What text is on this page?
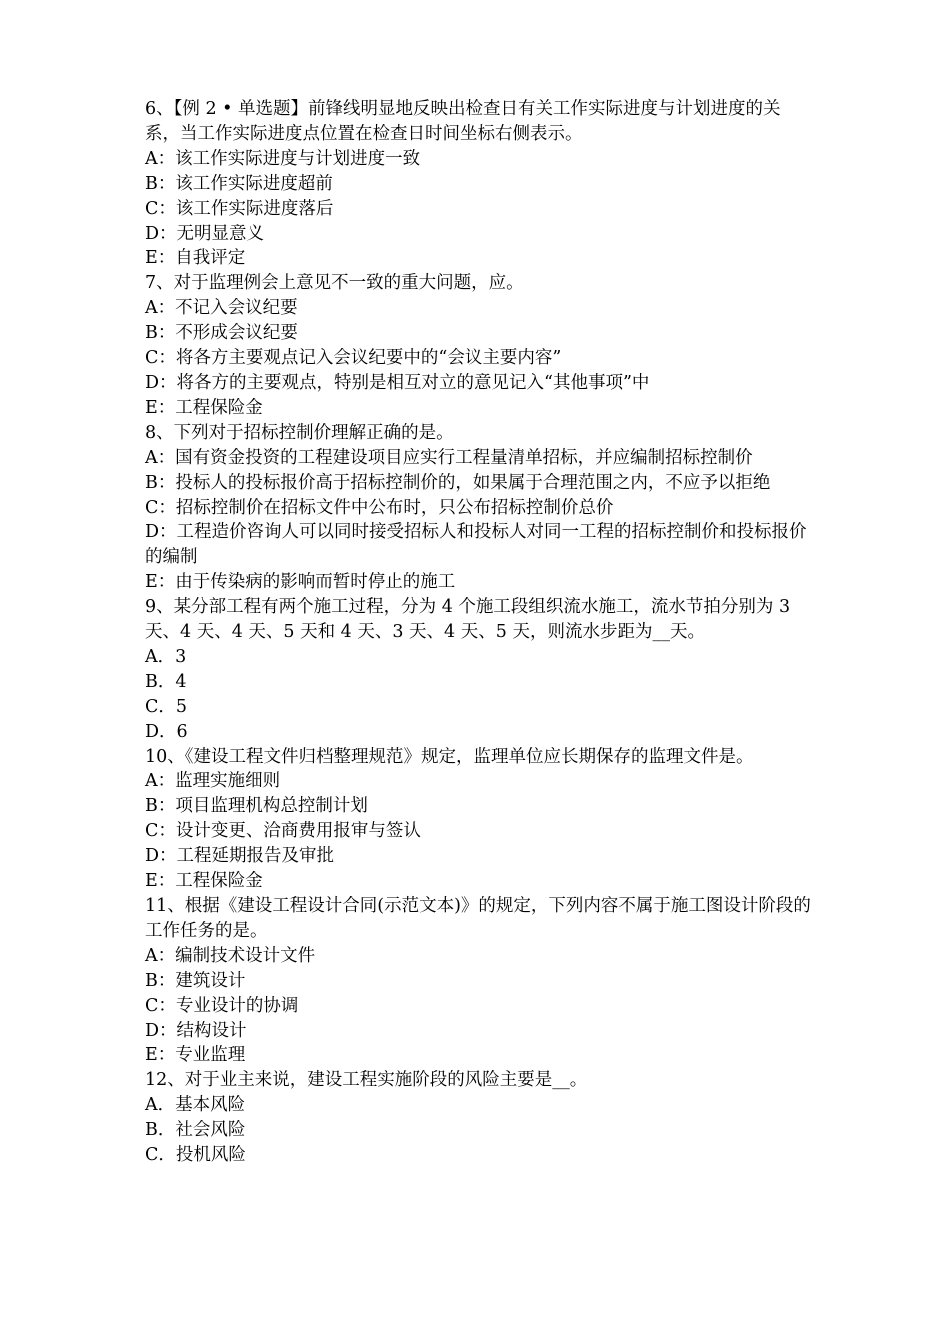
6、【例 2 • 单选题】前锋线明显地反映出检查日有关工作实际进度与计划进度的关系，当工作实际进度点位置在检查日时间坐标右侧表示。

A：该工作实际进度与计划进度一致

B：该工作实际进度超前

C：该工作实际进度落后

D：无明显意义

E：自我评定

7、对于监理例会上意见不一致的重大问题，应。

A：不记入会议纪要

B：不形成会议纪要

C：将各方主要观点记入会议纪要中的“会议主要内容”

D：将各方的主要观点，特别是相互对立的意见记入“其他事项”中

E：工程保险金

8、下列对于招标控制价理解正确的是。

A：国有资金投资的工程建设项目应实行工程量清单招标，并应编制招标控制价

B：投标人的投标报价高于招标控制价的，如果属于合理范围之内，不应予以拒绝

C：招标控制价在招标文件中公布时，只公布招标控制价总价

D：工程造价咨询人可以同时接受招标人和投标人对同一工程的招标控制价和投标报价的编制

E：由于传染病的影响而暂时停止的施工

9、某分部工程有两个施工过程，分为 4 个施工段组织流水施工，流水节拍分别为 3 天、4 天、4 天、5 天和 4 天、3 天、4 天、5 天，则流水步距为__天。

A．3

B．4

C．5

D．6

10、《建设工程文件归档整理规范》规定，监理单位应长期保存的监理文件是。

A：监理实施细则

B：项目监理机构总控制计划

C：设计变更、洽商费用报审与签认

D：工程延期报告及审批

E：工程保险金

11、根据《建设工程设计合同(示范文本)》的规定，下列内容不属于施工图设计阶段的工作任务的是。

A：编制技术设计文件

B：建筑设计

C：专业设计的协调

D：结构设计

E：专业监理

12、对于业主来说，建设工程实施阶段的风险主要是__。

A．基本风险

B．社会风险

C．投机风险
